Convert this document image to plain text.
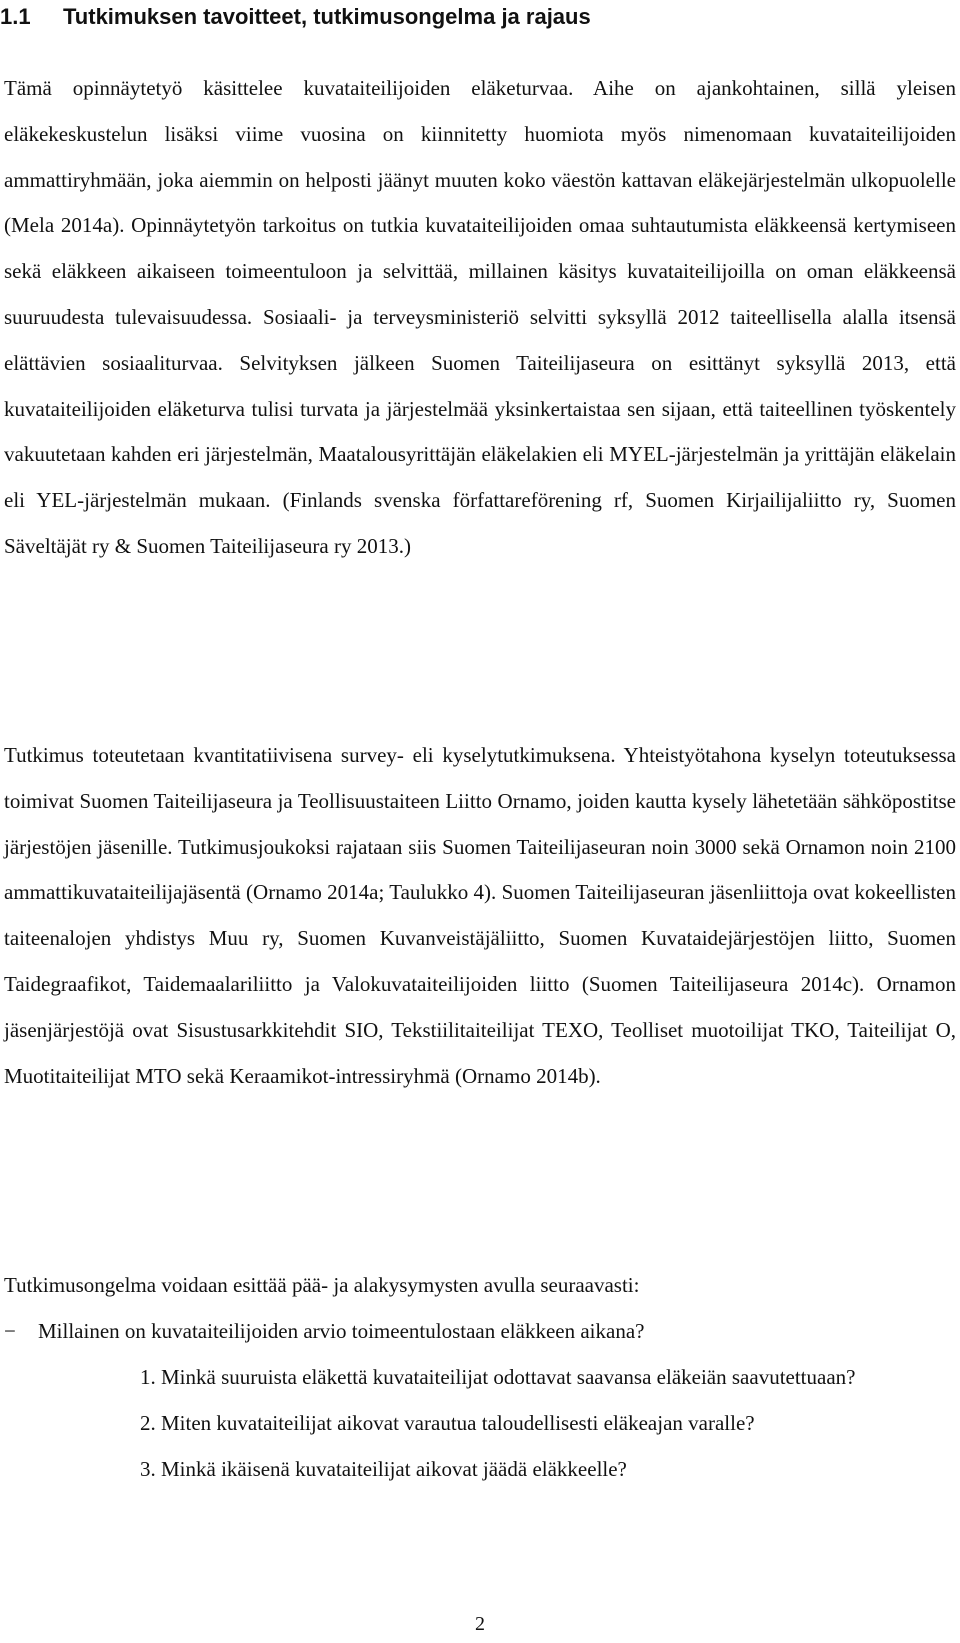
1.1 Tutkimuksen tavoitteet, tutkimusongelma ja rajaus

Tämä opinnäytetyö käsittelee kuvataiteilijoiden eläketurvaa. Aihe on ajankohtainen, sillä yleisen eläkekeskustelun lisäksi viime vuosina on kiinnitetty huomiota myös nimenomaan kuvataiteilijoiden ammattiryhmään, joka aiemmin on helposti jäänyt muuten koko väestön kattavan eläkejärjestelmän ulkopuolelle (Mela 2014a). Opinnäytetyön tarkoitus on tutkia kuvataiteilijoiden omaa suhtautumista eläkkeensä kertymiseen sekä eläkkeen aikaiseen toimeentuloon ja selvittää, millainen käsitys kuvataiteilijoilla on oman eläkkeensä suuruudesta tulevaisuudessa. Sosiaali- ja terveysministeriö selvitti syksyllä 2012 taiteellisella alalla itsensä elättävien sosiaaliturvaa. Selvityksen jälkeen Suomen Taiteilijaseura on esittänyt syksyllä 2013, että kuvataiteilijoiden eläketurva tulisi turvata ja järjestelmää yksinkertaistaa sen sijaan, että taiteellinen työskentely vakuutetaan kahden eri järjestelmän, Maatalousyrittäjän eläkelakien eli MYEL-järjestelmän ja yrittäjän eläkelain eli YEL-järjestelmän mukaan. (Finlands svenska författareförening rf, Suomen Kirjailijaliitto ry, Suomen Säveltäjät ry & Suomen Taiteilijaseura ry 2013.)

Tutkimus toteutetaan kvantitatiivisena survey- eli kyselytutkimuksena. Yhteistyötahona kyselyn toteutuksessa toimivat Suomen Taiteilijaseura ja Teollisuustaiteen Liitto Ornamo, joiden kautta kysely lähetetään sähköpostitse järjestöjen jäsenille. Tutkimusjoukoksi rajataan siis Suomen Taiteilijaseuran noin 3000 sekä Ornamon noin 2100 ammattikuvataiteilijajäsentä (Ornamo 2014a; Taulukko 4). Suomen Taiteilijaseuran jäsenliittoja ovat kokeellisten taiteenalojen yhdistys Muu ry, Suomen Kuvanveistäjäliitto, Suomen Kuvataidejärjestöjen liitto, Suomen Taidegraafikot, Taidemaalariliitto ja Valokuvataiteilijoiden liitto (Suomen Taiteilijaseura 2014c). Ornamon jäsenjärjestöjä ovat Sisustusarkkitehdit SIO, Tekstiilitaiteilijat TEXO, Teolliset muotoilijat TKO, Taiteilijat O, Muotitaiteilijat MTO sekä Keraamikot-intressiryhmä (Ornamo 2014b).

Tutkimusongelma voidaan esittää pää- ja alakysymysten avulla seuraavasti:

− Millainen on kuvataiteilijoiden arvio toimeentulostaan eläkkeen aikana?
1. Minkä suuruista eläkettä kuvataiteilijat odottavat saavansa eläkeiän saavutettuaan?
2. Miten kuvataiteilijat aikovat varautua taloudellisesti eläkeajan varalle?
3. Minkä ikäisenä kuvataiteilijat aikovat jäädä eläkkeelle?
2
